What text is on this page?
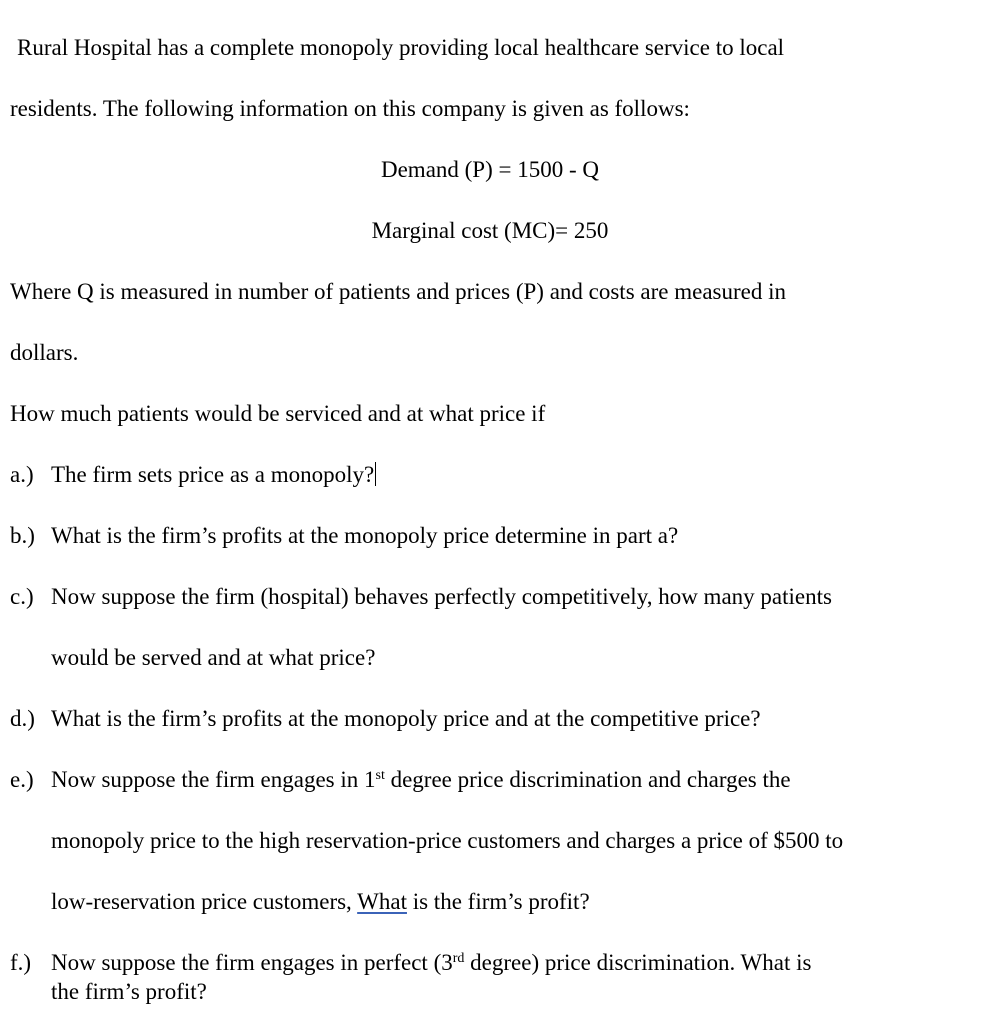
Rural Hospital has a complete monopoly providing local healthcare service to local
residents. The following information on this company is given as follows:
Demand (P) = 1500 - Q
Marginal cost (MC)= 250
Where Q is measured in number of patients and prices (P) and costs are measured in
dollars.
How much patients would be serviced and at what price if
a.) The firm sets price as a monopoly?
b.) What is the firm’s profits at the monopoly price determine in part a?
c.) Now suppose the firm (hospital) behaves perfectly competitively, how many patients
would be served and at what price?
d.) What is the firm’s profits at the monopoly price and at the competitive price?
e.) Now suppose the firm engages in 1st degree price discrimination and charges the
monopoly price to the high reservation-price customers and charges a price of $500 to
low-reservation price customers, What is the firm’s profit?
f.) Now suppose the firm engages in perfect (3rd degree) price discrimination. What is
the firm’s profit?
